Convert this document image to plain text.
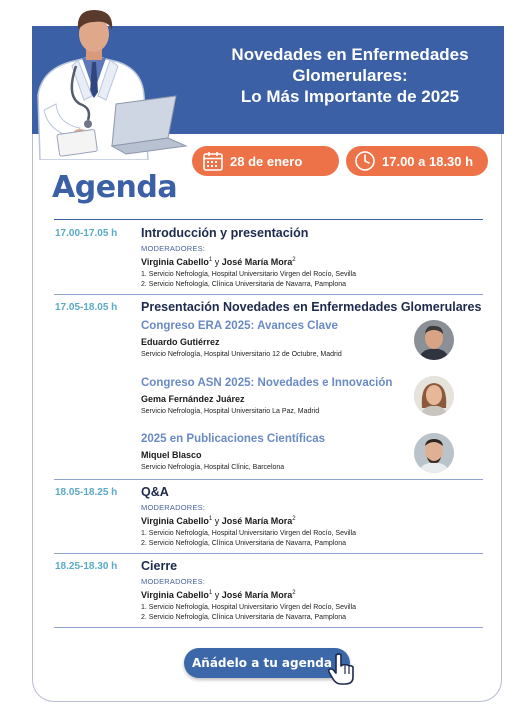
Novedades en Enfermedades
Glomerulares:
Lo Más Importante de 2025
28 de enero	17.00 a 18.30 h
Agenda
17.00-17.05 h Introducción y presentación
MODERADORES:
Virginia Cabello$^1$ y José María Mora$^2$
1. Servicio Nefrología, Hospital Universitario Virgen del Rocío, Sevilla
2. Servicio Nefrología, Clínica Universitaria de Navarra, Pamplona
17.05-18.05 h Presentación Novedades en Enfermedades Glomerulares
Congreso ERA 2025: Avances Clave
Eduardo Gutiérrez
Servicio Nefrología, Hospital Universitario 12 de Octubre, Madrid
Congreso ASN 2025: Novedades e Innovación
Gema Fernández Juárez
Servicio Nefrología, Hospital Universitario La Paz, Madrid
2025 en Publicaciones Científicas
Miquel Blasco
Servicio Nefrología, Hospital Clínic, Barcelona
18.05-18.25 h Q&A
MODERADORES:
Virginia Cabello$^1$ y José María Mora$^2$
1. Servicio Nefrología, Hospital Universitario Virgen del Rocío, Sevilla
2. Servicio Nefrología, Clínica Universitaria de Navarra, Pamplona
18.25-18.30 h Cierre
MODERADORES:
Virginia Cabello$^1$ y José María Mora$^2$
1. Servicio Nefrología, Hospital Universitario Virgen del Rocío, Sevilla
2. Servicio Nefrología, Clínica Universitaria de Navarra, Pamplona
Añádelo a tu agenda
